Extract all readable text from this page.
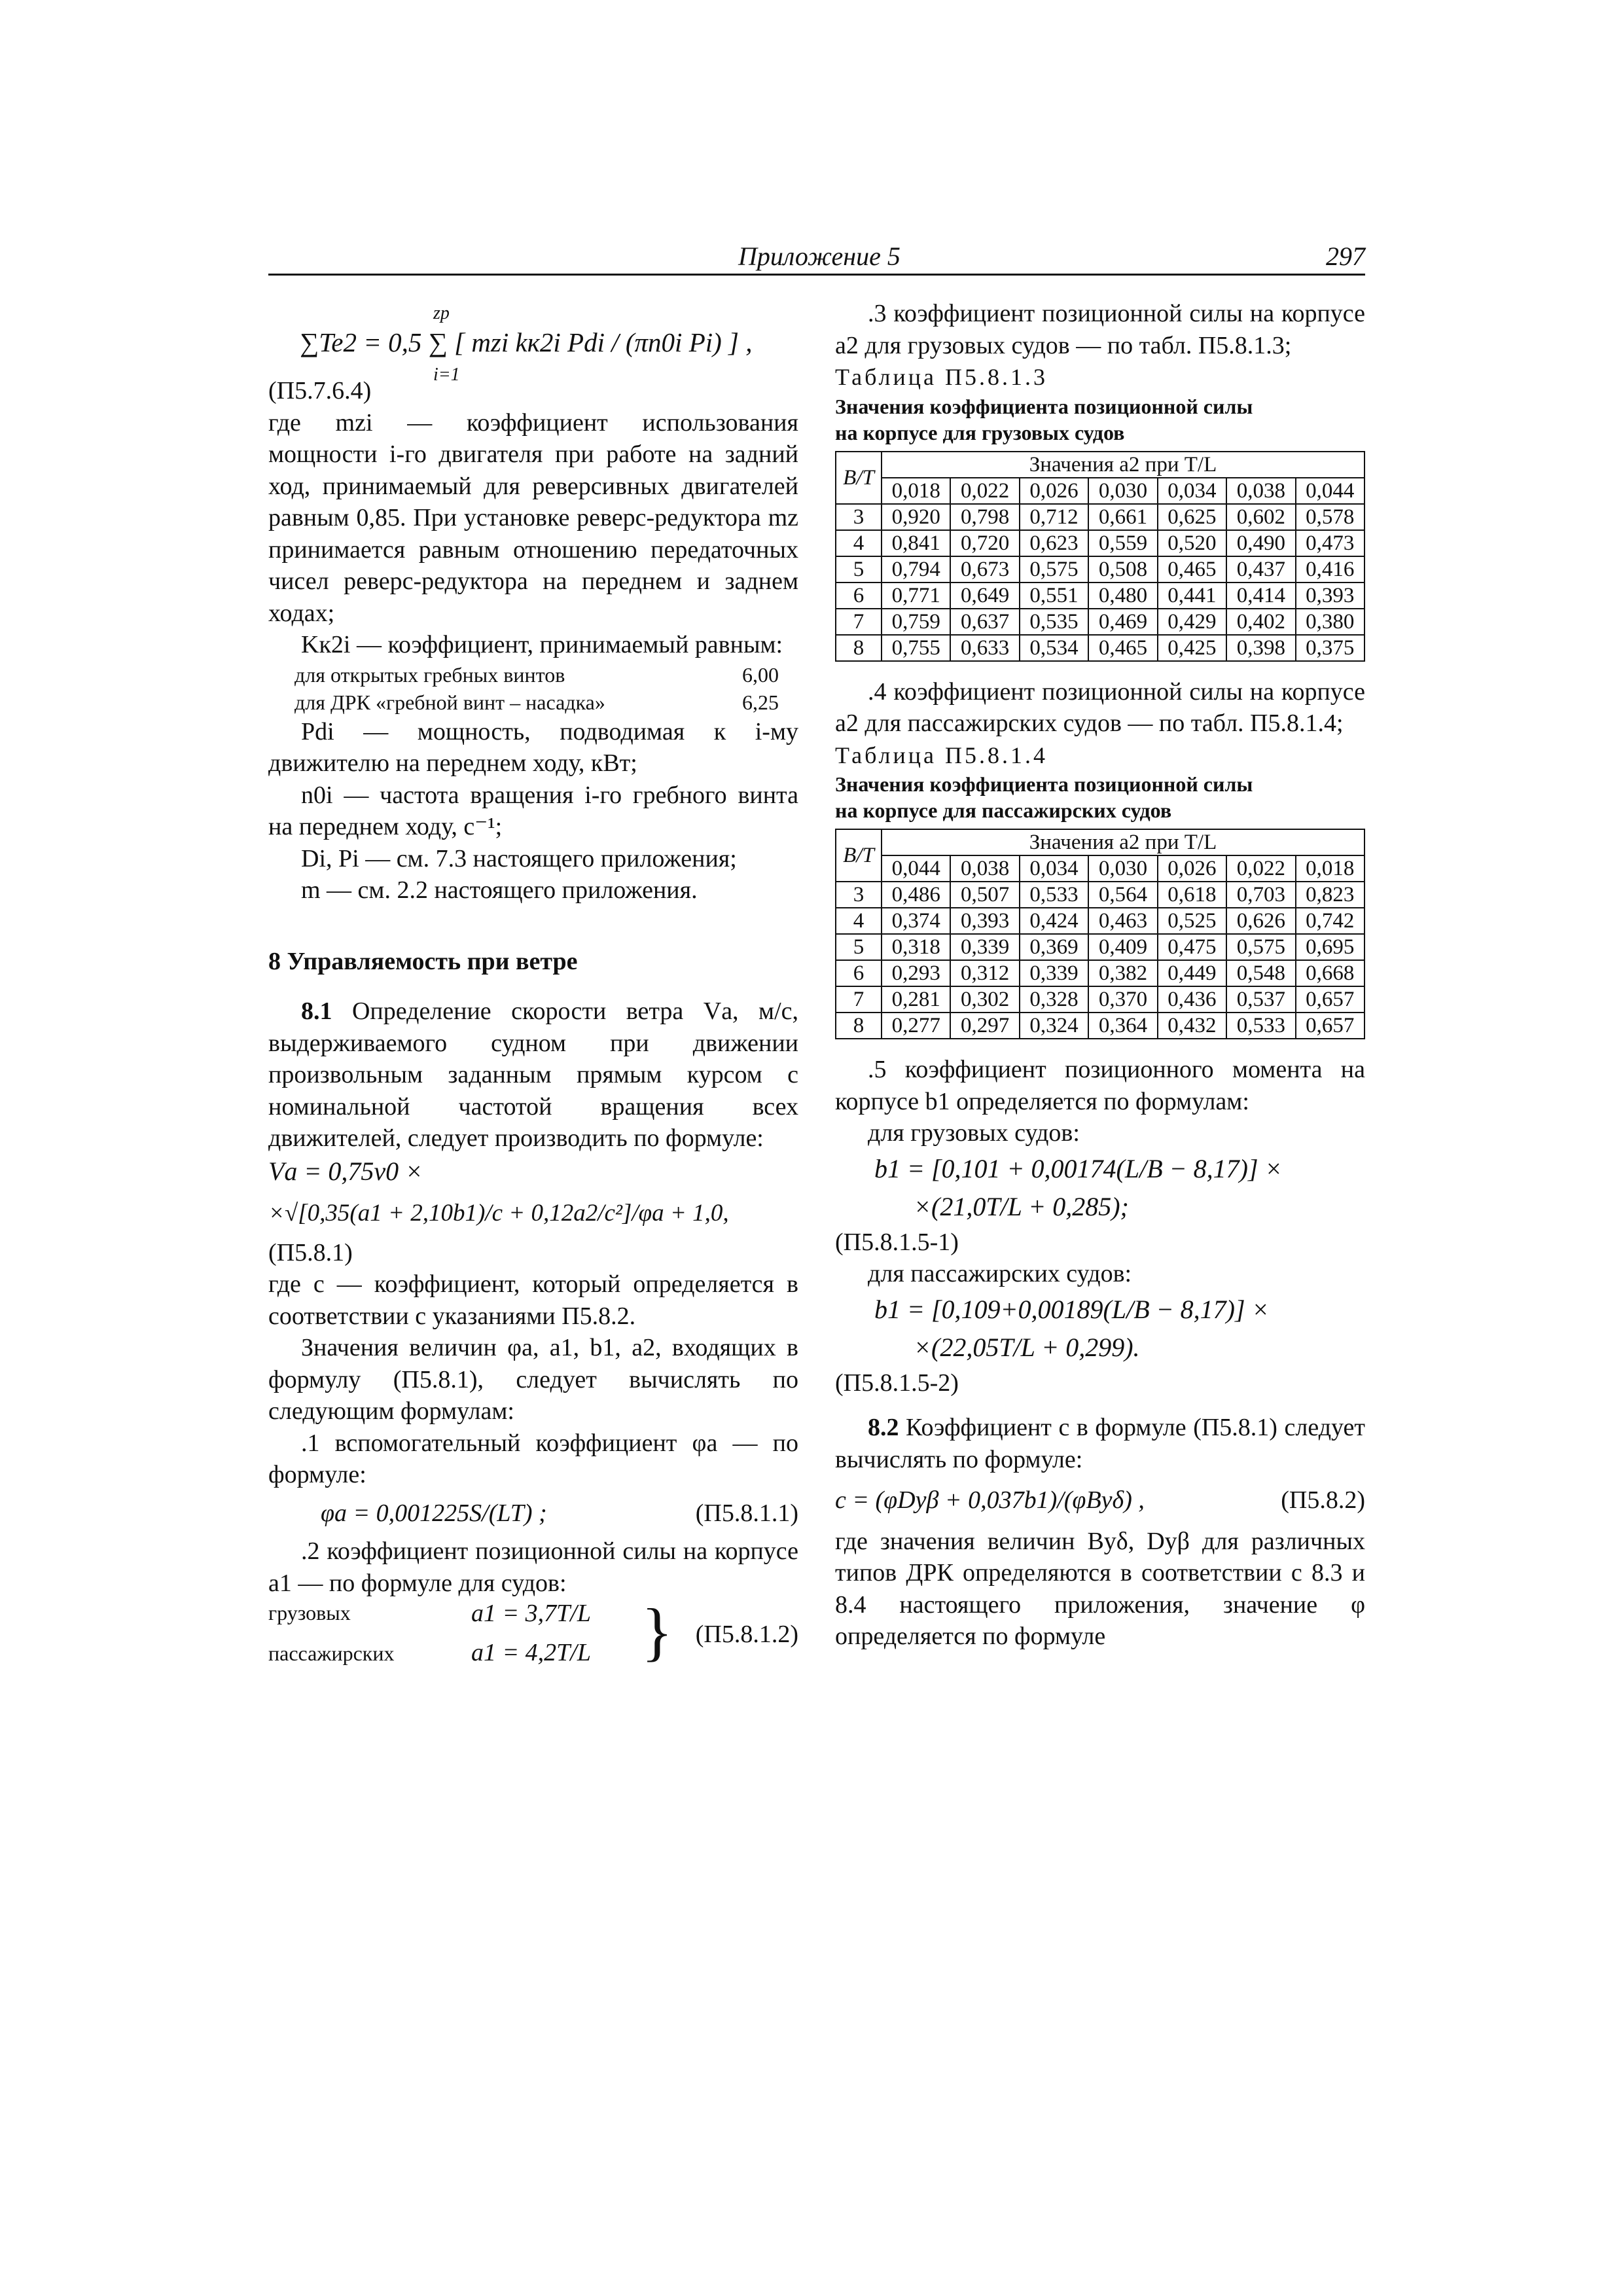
Приложение 5	297
∑Te2 = 0,5 ∑ [ mzi kк2i Pdi / (πn0i Pi) ] ,
zp
i=1

(П5.7.6.4)

где mzi — коэффициент использования мощности i-го двигателя при работе на задний ход, принимаемый для реверсивных двигателей равным 0,85. При установке реверс-редуктора mz принимается равным отношению передаточных чисел реверс-редуктора на переднем и заднем ходах;

Kк2i — коэффициент, принимаемый равным:

для открытых гребных винтов	6,00
для ДРК «гребной винт – насадка»	6,25

Pdi — мощность, подводимая к i-му движителю на переднем ходу, кВт;

n0i — частота вращения i-го гребного винта на переднем ходу, с⁻¹;

Di, Pi — см. 7.3 настоящего приложения;

m — см. 2.2 настоящего приложения.

8 Управляемость при ветре

8.1 Определение скорости ветра Vа, м/с, выдерживаемого судном при движении произвольным заданным прямым курсом с номинальной частотой вращения всех движителей, следует производить по формуле:

Vа = 0,75v0 ×
×√[0,35(a1 + 2,10b1)/c + 0,12a2/c²]/φа + 1,0,

(П5.8.1)

где c — коэффициент, который определяется в соответствии с указаниями П5.8.2.

Значения величин φа, a1, b1, a2, входящих в формулу (П5.8.1), следует вычислять по следующим формулам:

.1 вспомогательный коэффициент φа — по формуле:

φа = 0,001225S/(LT) ;	(П5.8.1.1)

.2 коэффициент позиционной силы на корпусе a1 — по формуле для судов:

грузовых	a1 = 3,7T/L
пассажирских	a1 = 4,2T/L } (П5.8.1.2)

.3 коэффициент позиционной силы на корпусе a2 для грузовых судов — по табл. П5.8.1.3;

Таблица П5.8.1.3

Значения коэффициента позиционной силы

на корпусе для грузовых судов

B/T	Значения a2 при T/L						
	0,018	0,022	0,026	0,030	0,034	0,038	0,044
3	0,920	0,798	0,712	0,661	0,625	0,602	0,578
4	0,841	0,720	0,623	0,559	0,520	0,490	0,473
5	0,794	0,673	0,575	0,508	0,465	0,437	0,416
6	0,771	0,649	0,551	0,480	0,441	0,414	0,393
7	0,759	0,637	0,535	0,469	0,429	0,402	0,380
8	0,755	0,633	0,534	0,465	0,425	0,398	0,375

.4 коэффициент позиционной силы на корпусе a2 для пассажирских судов — по табл. П5.8.1.4;

Таблица П5.8.1.4

Значения коэффициента позиционной силы

на корпусе для пассажирских судов

B/T	Значения a2 при T/L						
	0,044	0,038	0,034	0,030	0,026	0,022	0,018
3	0,486	0,507	0,533	0,564	0,618	0,703	0,823
4	0,374	0,393	0,424	0,463	0,525	0,626	0,742
5	0,318	0,339	0,369	0,409	0,475	0,575	0,695
6	0,293	0,312	0,339	0,382	0,449	0,548	0,668
7	0,281	0,302	0,328	0,370	0,436	0,537	0,657
8	0,277	0,297	0,324	0,364	0,432	0,533	0,657

.5 коэффициент позиционного момента на корпусе b1 определяется по формулам:

для грузовых судов:

b1 = [0,101 + 0,00174(L/B − 8,17)] ×
×(21,0T/L + 0,285);

(П5.8.1.5-1)

для пассажирских судов:

b1 = [0,109+0,00189(L/B − 8,17)] ×
×(22,05T/L + 0,299).

(П5.8.1.5-2)

8.2 Коэффициент c в формуле (П5.8.1) следует вычислять по формуле:

c = (φDуβ + 0,037b1)/(φBуδ) ,	(П5.8.2)

где значения величин Bуδ, Dуβ для различных типов ДРК определяются в соответствии с 8.3 и 8.4 настоящего приложения, значение φ определяется по формуле
